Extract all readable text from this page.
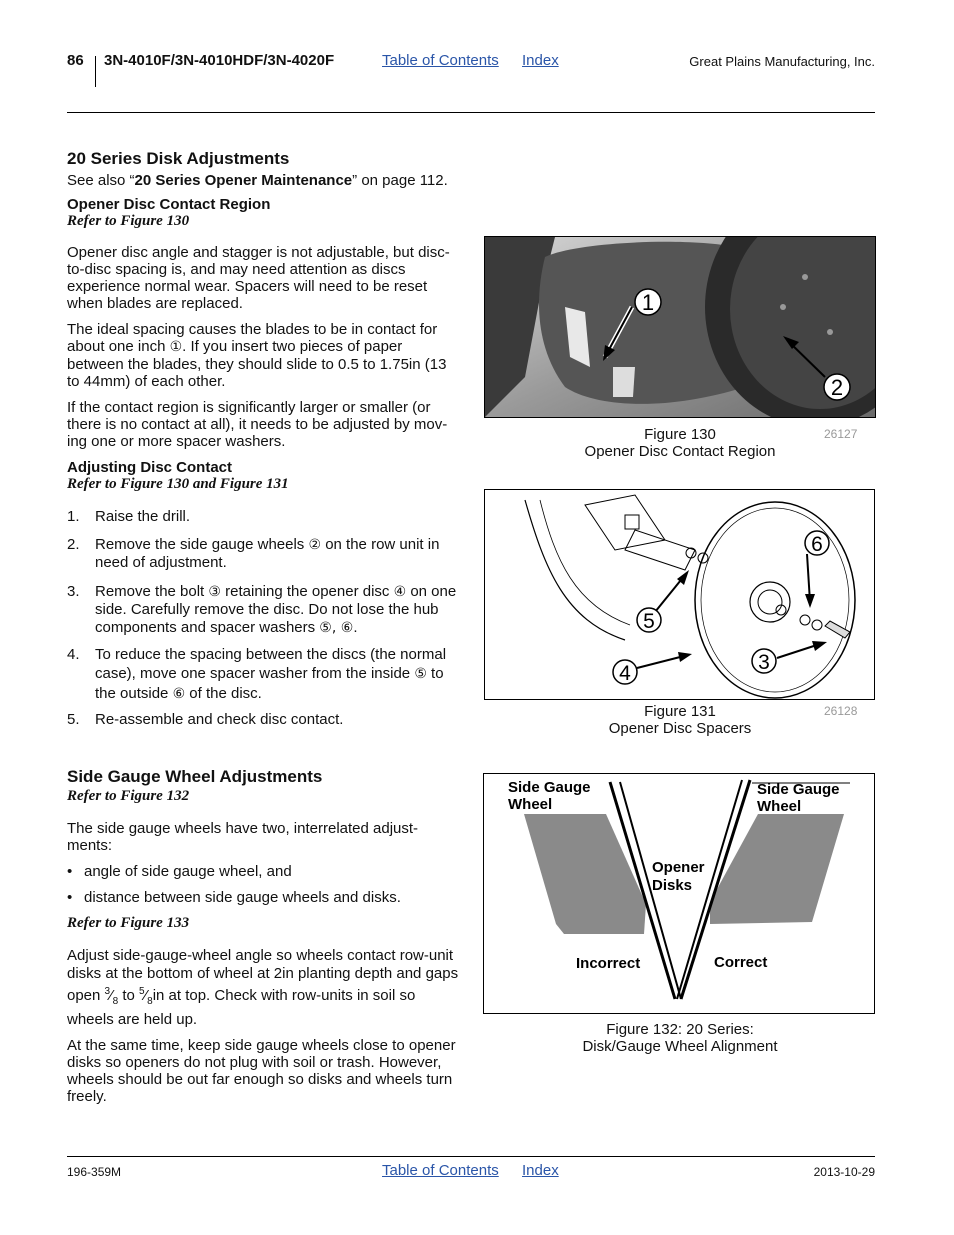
86 3N-4010F/3N-4010HDF/3N-4020F	Table of Contents Index	Great Plains Manufacturing, Inc.
20 Series Disk Adjustments

See also “20 Series Opener Maintenance” on page 112.

Opener Disc Contact Region
Refer to Figure 130

Opener disc angle and stagger is not adjustable, but disc-to-disc spacing is, and may need attention as discs experience normal wear. Spacers will need to be reset when blades are replaced.

The ideal spacing causes the blades to be in contact for about one inch ①. If you insert two pieces of paper between the blades, they should slide to 0.5 to 1.75in (13 to 44mm) of each other.

If the contact region is significantly larger or smaller (or there is no contact at all), it needs to be adjusted by mov-ing one or more spacer washers.

Adjusting Disc Contact
Refer to Figure 130 and Figure 131
1.	Raise the drill.
2.	Remove the side gauge wheels ② on the row unit in need of adjustment.
3.	Remove the bolt ③ retaining the opener disc ④ on one side. Carefully remove the disc. Do not lose the hub components and spacer washers ⑤, ⑥.
4.	To reduce the spacing between the discs (the normal case), move one spacer washer from the inside ⑤ to the outside ⑥ of the disc.
5.	Re-assemble and check disc contact.
Side Gauge Wheel Adjustments
Refer to Figure 132

The side gauge wheels have two, interrelated adjust-ments:

• angle of side gauge wheel, and
• distance between side gauge wheels and disks.
Refer to Figure 133

Adjust side-gauge-wheel angle so wheels contact row-unit disks at the bottom of wheel at 2in planting depth and gaps open $^3⁄_8$ to $^5⁄_8in$ at top. Check with row-units in soil so wheels are held up.

At the same time, keep side gauge wheels close to opener disks so openers do not plug with soil or trash. However, wheels should be out far enough so disks and wheels turn freely.

1
2
Figure 130
Opener Disc Contact Region
26127
6
5
4	3
Figure 131
Opener Disc Spacers
26128
Side Gauge
Wheel
Side Gauge
Wheel
Opener
Disks
Incorrect	Correct
Figure 132: 20 Series:
Disk/Gauge Wheel Alignment
196-359M	Table of Contents Index	2013-10-29
